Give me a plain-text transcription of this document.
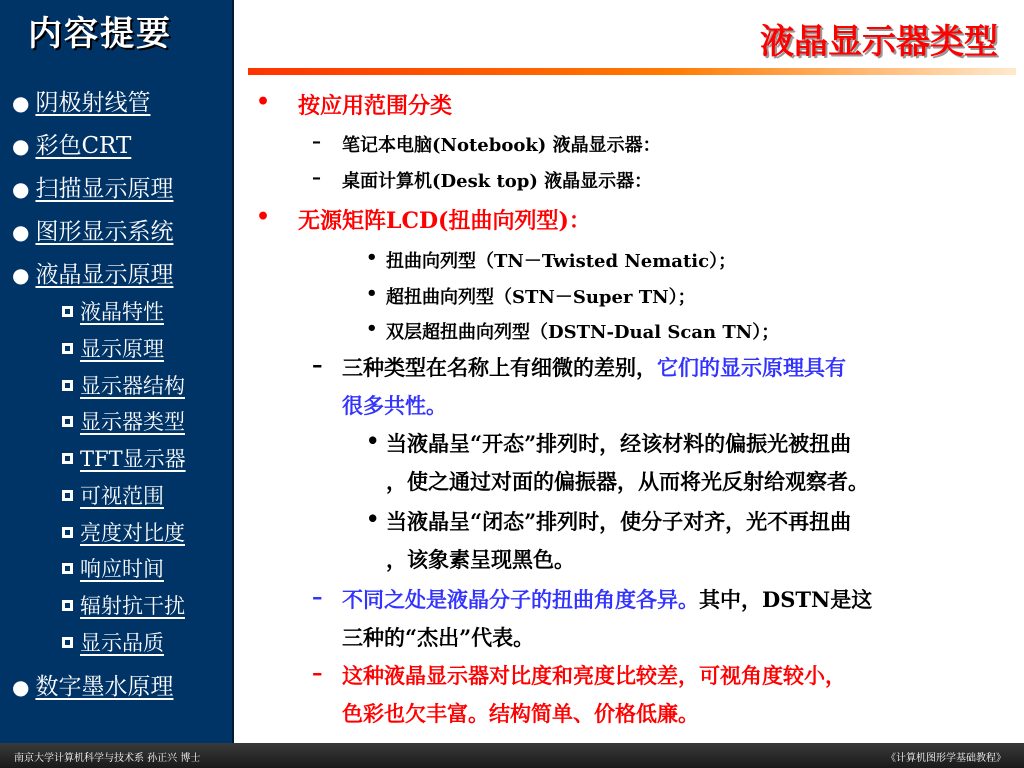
内容提要
● 阴极射线管
● 彩色CRT
● 扫描显示原理
● 图形显示系统
● 液晶显示原理
液晶特性
显示原理
显示器结构
显示器类型
TFT显示器
可视范围
亮度对比度
响应时间
辐射抗干扰
显示品质
● 数字墨水原理
液晶显示器类型
•
–
–
•
•
•
•
–
•
•
–
–
按应用范围分类
笔记本电脑(Notebook) 液晶显示器：
桌面计算机(Desk top) 液晶显示器：
无源矩阵LCD(扭曲向列型)：
扭曲向列型（TN－Twisted Nematic）；
超扭曲向列型（STN－Super TN）；
双层超扭曲向列型（DSTN-Dual Scan TN）；
三种类型在名称上有细微的差别，它们的显示原理具有
很多共性。
当液晶呈“开态”排列时，经该材料的偏振光被扭曲
，使之通过对面的偏振器，从而将光反射给观察者。
当液晶呈“闭态”排列时，使分子对齐，光不再扭曲
，该象素呈现黑色。
不同之处是液晶分子的扭曲角度各异。其中，DSTN是这
三种的“杰出”代表。
这种液晶显示器对比度和亮度比较差，可视角度较小，
色彩也欠丰富。结构简单、价格低廉。
南京大学计算机科学与技术系 孙正兴 博士	《计算机图形学基础教程》
